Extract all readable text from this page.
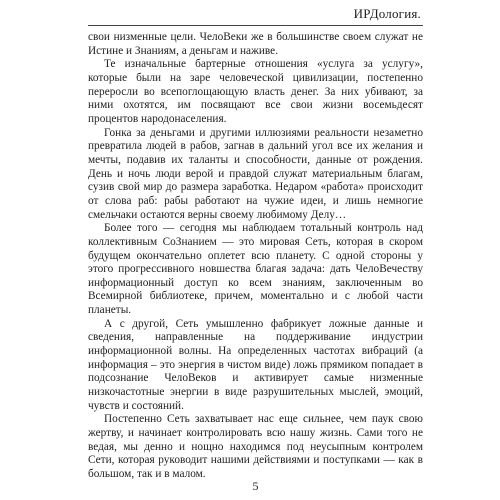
ИРДология.

свои низменные цели. ЧелоВеки же в большинстве своем служат не Истине и Знаниям, а деньгам и наживе.

Те изначальные бартерные отношения «услуга за услугу», которые были на заре человеческой цивилизации, постепенно переросли во всепоглощающую власть денег. За них убивают, за ними охотятся, им посвящают все свои жизни восемьдесят процентов народонаселения.

Гонка за деньгами и другими иллюзиями реальности незаметно превратила людей в рабов, загнав в дальний угол все их желания и мечты, подавив их таланты и способности, данные от рождения. День и ночь люди верой и правдой служат материальным благам, сузив свой мир до размера заработка. Недаром «работа» происходит от слова раб: рабы работают на чужие идеи, и лишь немногие смельчаки остаются верны своему любимому Делу…

Более того — сегодня мы наблюдаем тотальный контроль над коллективным СоЗнанием — это мировая Сеть, которая в скором будущем окончательно оплетет всю планету. С одной стороны у этого прогрессивного новшества благая задача: дать ЧелоВечеству информационный доступ ко всем знаниям, заключенным во Всемирной библиотеке, причем, моментально и с любой части планеты.

А с другой, Сеть умышленно фабрикует ложные данные и сведения, направленные на поддерживание индустрии информационной волны. На определенных частотах вибраций (а информация – это энергия в чистом виде) ложь прямиком попадает в подсознание ЧелоВеков и активирует самые низменные низкочастотные энергии в виде разрушительных мыслей, эмоций, чувств и состояний.

Постепенно Сеть захватывает нас еще сильнее, чем паук свою жертву, и начинает контролировать всю нашу жизнь. Сами того не ведая, мы денно и нощно находимся под неусыпным контролем Сети, которая руководит нашими действиями и поступками — как в большом, так и в малом.

5
